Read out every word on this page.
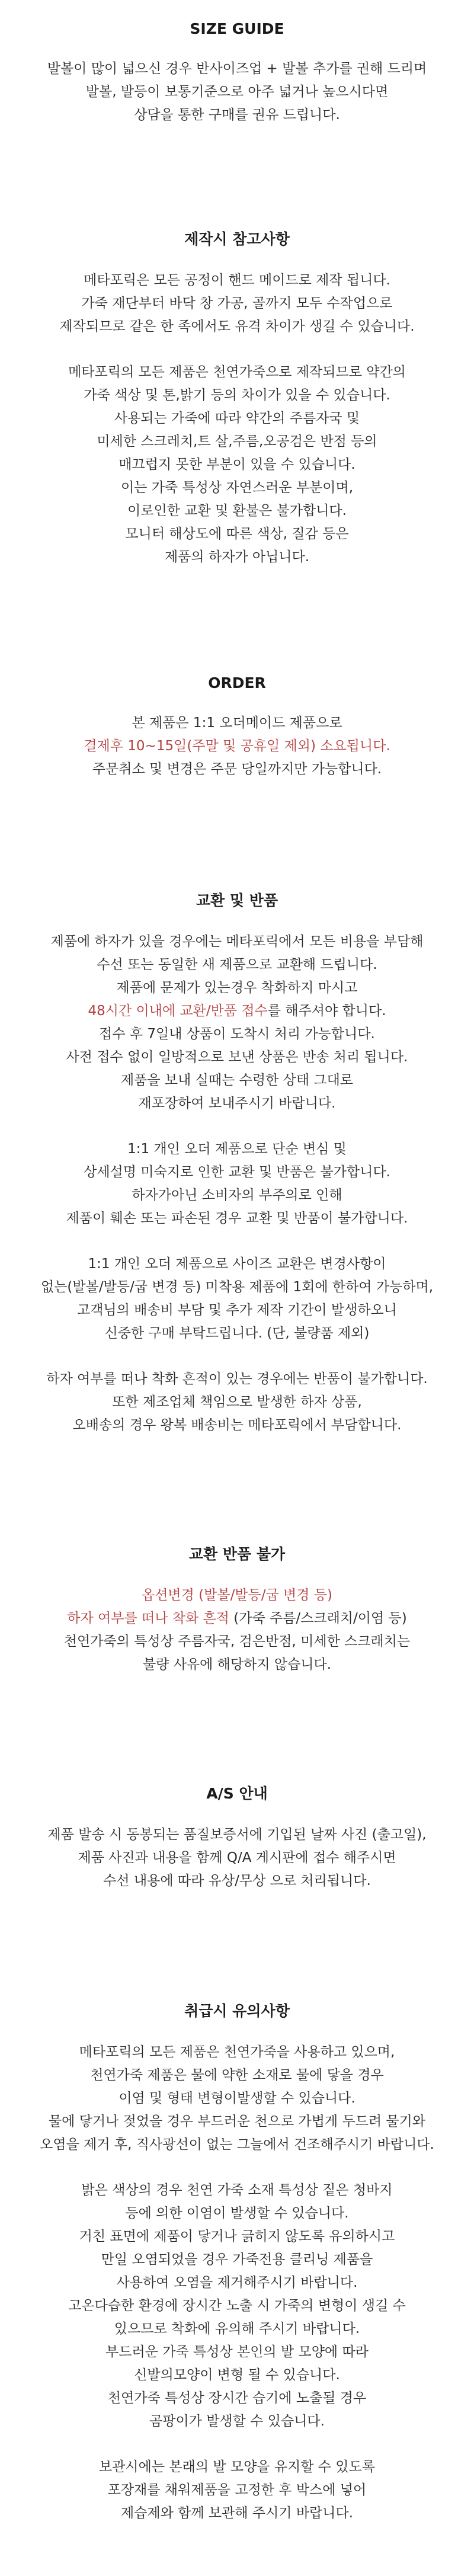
SIZE GUIDE

발볼이 많이 넓으신 경우 반사이즈업 + 발볼 추가를 권해 드리며

발볼, 발등이 보통기준으로 아주 넓거나 높으시다면

상담을 통한 구매를 권유 드립니다.

제작시 참고사항

메타포릭은 모든 공정이 핸드 메이드로 제작 됩니다.

가죽 재단부터 바닥 창 가공, 골까지 모두 수작업으로

제작되므로 같은 한 족에서도 유격 차이가 생길 수 있습니다.

메타포릭의 모든 제품은 천연가죽으로 제작되므로 약간의

가죽 색상 및 톤,밝기 등의 차이가 있을 수 있습니다.

사용되는 가죽에 따라 약간의 주름자국 및

미세한 스크레치,트 살,주름,오공검은 반점 등의

매끄럽지 못한 부분이 있을 수 있습니다.

이는 가죽 특성상 자연스러운 부분이며,

이로인한 교환 및 환불은 불가합니다.

모니터 해상도에 따른 색상, 질감 등은

제품의 하자가 아닙니다.

ORDER

본 제품은 1:1 오더메이드 제품으로

결제후 10~15일(주말 및 공휴일 제외) 소요됩니다.

주문취소 및 변경은 주문 당일까지만 가능합니다.

교환 및 반품

제품에 하자가 있을 경우에는 메타포릭에서 모든 비용을 부담해

수선 또는 동일한 새 제품으로 교환해 드립니다.

제품에 문제가 있는경우 착화하지 마시고

48시간 이내에 교환/반품 접수를 해주셔야 합니다.

접수 후 7일내 상품이 도착시 처리 가능합니다.

사전 접수 없이 일방적으로 보낸 상품은 반송 처리 됩니다.

제품을 보내 실때는 수령한 상태 그대로

재포장하여 보내주시기 바랍니다.

1:1 개인 오더 제품으로 단순 변심 및

상세설명 미숙지로 인한 교환 및 반품은 불가합니다.

하자가아닌 소비자의 부주의로 인해

제품이 훼손 또는 파손된 경우 교환 및 반품이 불가합니다.

1:1 개인 오더 제품으로 사이즈 교환은 변경사항이

없는(발볼/발등/굽 변경 등) 미착용 제품에 1회에 한하여 가능하며,

고객님의 배송비 부담 및 추가 제작 기간이 발생하오니

신중한 구매 부탁드립니다. (단, 불량품 제외)

하자 여부를 떠나 착화 흔적이 있는 경우에는 반품이 불가합니다.

또한 제조업체 책임으로 발생한 하자 상품,

오배송의 경우 왕복 배송비는 메타포릭에서 부담합니다.

교환 반품 불가

옵션변경 (발볼/발등/굽 변경 등)

하자 여부를 떠나 착화 흔적 (가죽 주름/스크래치/이염 등)

천연가죽의 특성상 주름자국, 검은반점, 미세한 스크래치는

불량 사유에 해당하지 않습니다.

A/S 안내

제품 발송 시 동봉되는 품질보증서에 기입된 날짜 사진 (출고일),

제품 사진과 내용을 함께 Q/A 게시판에 접수 해주시면

수선 내용에 따라 유상/무상 으로 처리됩니다.

취급시 유의사항

메타포릭의 모든 제품은 천연가죽을 사용하고 있으며,

천연가죽 제품은 물에 약한 소재로 물에 닿을 경우

이염 및 형태 변형이발생할 수 있습니다.

물에 닿거나 젖었을 경우 부드러운 천으로 가볍게 두드려 물기와

오염을 제거 후, 직사광선이 없는 그늘에서 건조해주시기 바랍니다.

밝은 색상의 경우 천연 가죽 소재 특성상 짙은 청바지

등에 의한 이염이 발생할 수 있습니다.

거친 표면에 제품이 닿거나 긁히지 않도록 유의하시고

만일 오염되었을 경우 가죽전용 클리닝 제품을

사용하여 오염을 제거해주시기 바랍니다.

고온다습한 환경에 장시간 노출 시 가죽의 변형이 생길 수

있으므로 착화에 유의해 주시기 바랍니다.

부드러운 가죽 특성상 본인의 발 모양에 따라

신발의모양이 변형 될 수 있습니다.

천연가죽 특성상 장시간 습기에 노출될 경우

곰팡이가 발생할 수 있습니다.

보관시에는 본래의 발 모양을 유지할 수 있도록

포장재를 채워제품을 고정한 후 박스에 넣어

제습제와 함께 보관해 주시기 바랍니다.
